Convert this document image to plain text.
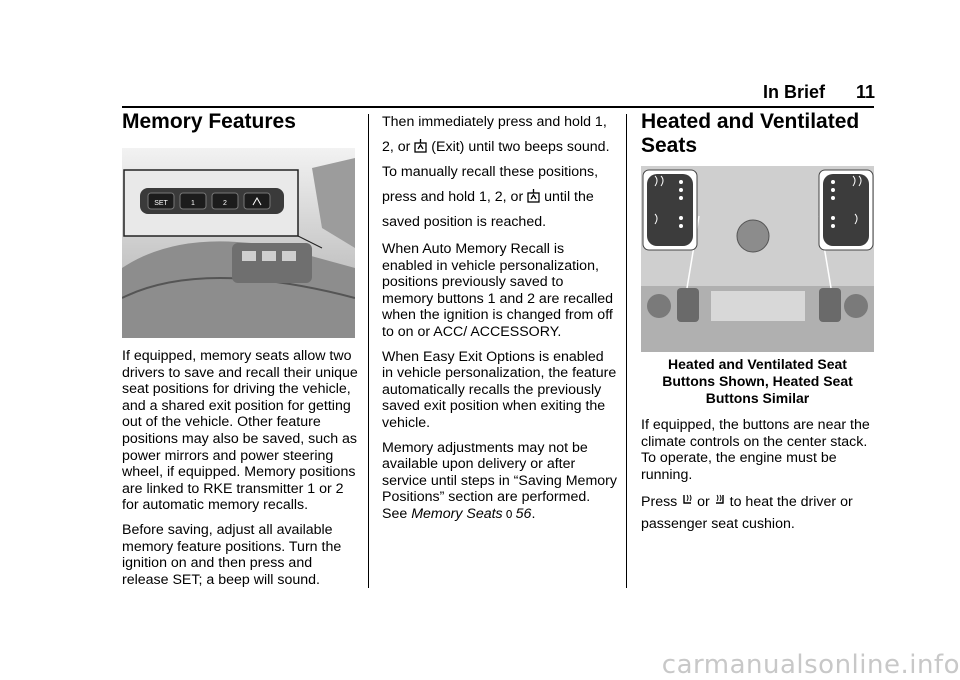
In Brief 11
Memory Features
SET	1	2

If equipped, memory seats allow two drivers to save and recall their unique seat positions for driving the vehicle, and a shared exit position for getting out of the vehicle. Other feature positions may also be saved, such as power mirrors and power steering wheel, if equipped. Memory positions are linked to RKE transmitter 1 or 2 for automatic memory recalls.

Before saving, adjust all available memory feature positions. Turn the ignition on and then press and release SET; a beep will sound.

Then immediately press and hold 1, 2, or  (Exit) until two beeps sound. To manually recall these positions, press and hold 1, 2, or  until the saved position is reached.

When Auto Memory Recall is enabled in vehicle personalization, positions previously saved to memory buttons 1 and 2 are recalled when the ignition is changed from off to on or ACC/ ACCESSORY.

When Easy Exit Options is enabled in vehicle personalization, the feature automatically recalls the previously saved exit position when exiting the vehicle.

Memory adjustments may not be available upon delivery or after service until steps in “Saving Memory Positions” section are performed. See Memory Seats 0 56.

Heated and Ventilated Seats
Heated and Ventilated Seat Buttons Shown, Heated Seat Buttons Similar

If equipped, the buttons are near the climate controls on the center stack. To operate, the engine must be running.

Press  or  to heat the driver or passenger seat cushion.

carmanualsonline.info
